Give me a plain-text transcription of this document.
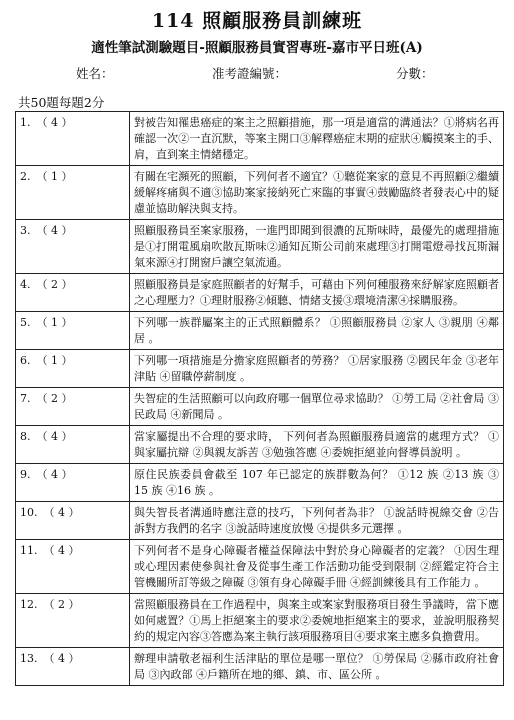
114 照顧服務員訓練班
適性筆試測驗題目-照顧服務員實習專班-嘉市平日班(A)
姓名：	准考證編號：	分數：
共50題每題2分
1. （ 4 ）	對被告知罹患癌症的案主之照顧措施，那一項是適當的溝通法？①將病名再確認一次②一直沉默，等案主開口③解釋癌症末期的症狀④觸摸案主的手、肩，直到案主情緒穩定。
2. （ 1 ）	有關在宅瀕死的照顧，下列何者不適宜？①聽從案家的意見不再照顧②繼續緩解疼痛與不適③協助案家接納死亡來臨的事實④鼓勵臨終者發表心中的疑慮並協助解決與支持。
3. （ 4 ）	照顧服務員至案家服務，一進門即聞到很濃的瓦斯味時，最優先的處理措施是①打開電風扇吹散瓦斯味②通知瓦斯公司前來處理③打開電燈尋找瓦斯漏氣來源④打開窗戶讓空氣流通。
4. （ 2 ）	照顧服務員是家庭照顧者的好幫手，可藉由下列何種服務來紓解家庭照顧者之心理壓力？①理財服務②傾聽、情緒支援③環境清潔④採購服務。
5. （ 1 ）	下列哪一族群屬案主的正式照顧體系？ ①照顧服務員 ②家人 ③親朋 ④鄰居 。
6. （ 1 ）	下列哪一項措施是分擔家庭照顧者的勞務？ ①居家服務 ②國民年金 ③老年津貼 ④留職停薪制度 。
7. （ 2 ）	失智症的生活照顧可以向政府哪一個單位尋求協助？ ①勞工局 ②社會局 ③民政局 ④新聞局 。
8. （ 4 ）	當家屬提出不合理的要求時， 下列何者為照顧服務員適當的處理方式？ ①與家屬抗辯 ②與親友訴苦 ③勉強答應 ④委婉拒絕並向督導員說明 。
9. （ 4 ）	原住民族委員會截至 107 年已認定的族群數為何？ ①12 族 ②13 族 ③ 15 族 ④16 族 。
10. （ 4 ）	與失智長者溝通時應注意的技巧，下列何者為非？ ①說話時視線交會 ②告訴對方我們的名字 ③說話時速度放慢 ④提供多元選擇 。
11. （ 4 ）	下列何者不是身心障礙者權益保障法中對於身心障礙者的定義？ ①因生理或心理因素使參與社會及從事生產工作活動功能受到限制 ②經鑑定符合主管機關所訂等級之障礙 ③領有身心障礙手冊 ④經訓練後具有工作能力 。
12. （ 2 ）	當照顧服務員在工作過程中，與案主或案家對服務項目發生爭議時，當下應如何處置？①馬上拒絕案主的要求②委婉地拒絕案主的要求，並說明服務契約的規定內容③答應為案主執行該項服務項目④要求案主應多負擔費用。
13. （ 4 ）	辦理申請敬老福利生活津貼的單位是哪一單位？ ①勞保局 ②縣市政府社會局 ③內政部 ④戶籍所在地的鄉、鎮、市、區公所 。
